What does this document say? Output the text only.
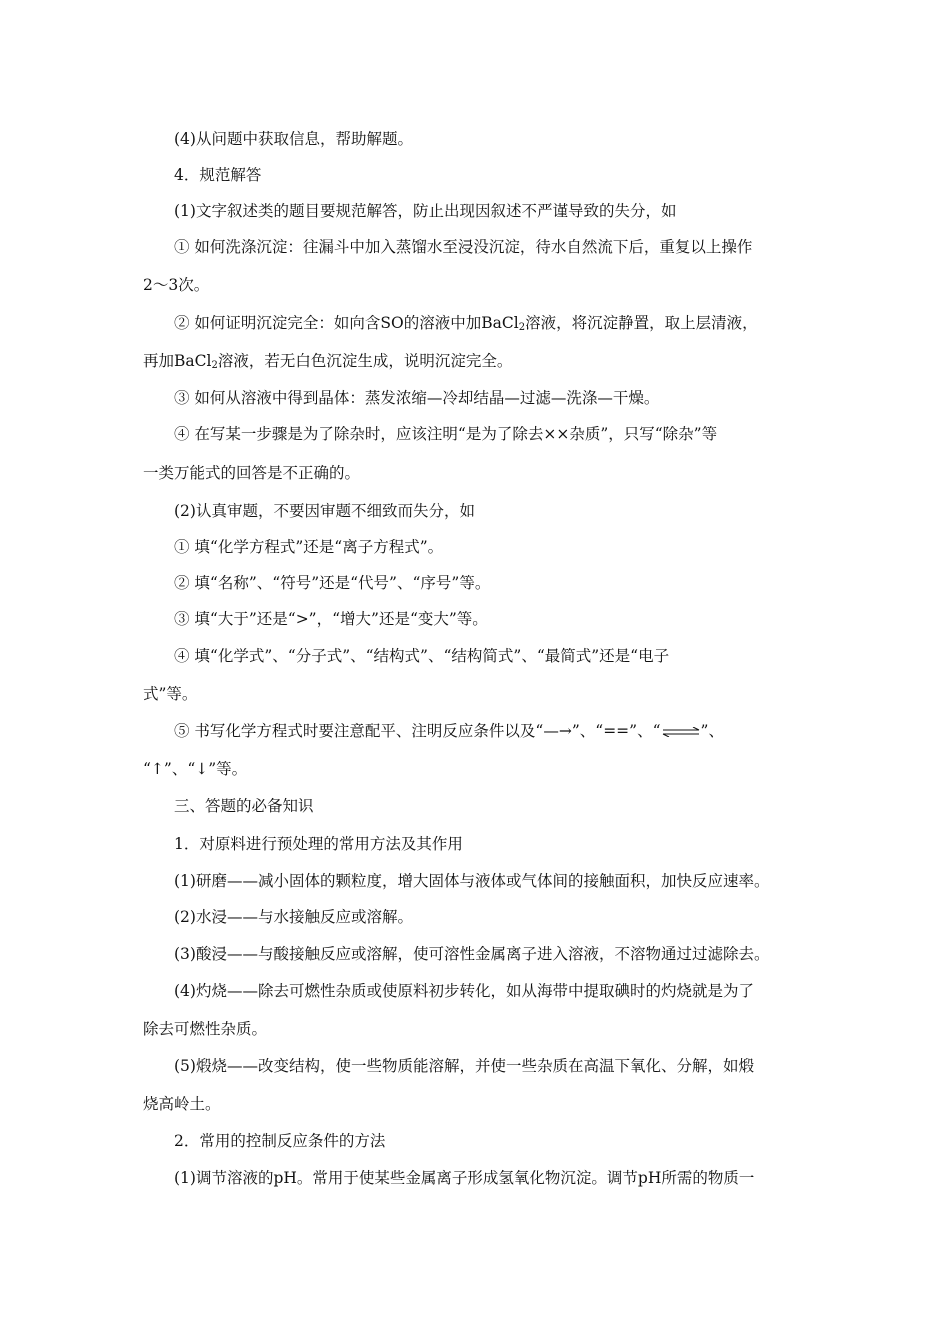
(4)从问题中获取信息，帮助解题。
4．规范解答
(1)文字叙述类的题目要规范解答，防止出现因叙述不严谨导致的失分，如
① 如何洗涤沉淀：往漏斗中加入蒸馏水至浸没沉淀，待水自然流下后，重复以上操作
2～3次。
② 如何证明沉淀完全：如向含SO的溶液中加BaCl$_2$溶液，将沉淀静置，取上层清液，
再加BaCl$_2$溶液，若无白色沉淀生成，说明沉淀完全。
③ 如何从溶液中得到晶体：蒸发浓缩—冷却结晶—过滤—洗涤—干燥。
④ 在写某一步骤是为了除杂时，应该注明“是为了除去××杂质”，只写“除杂”等
一类万能式的回答是不正确的。
(2)认真审题，不要因审题不细致而失分，如
① 填“化学方程式”还是“离子方程式”。
② 填“名称”、“符号”还是“代号”、“序号”等。
③ 填“大于”还是“>”，“增大”还是“变大”等。
④ 填“化学式”、“分子式”、“结构式”、“结构简式”、“最简式”还是“电子
式”等。
⑤ 书写化学方程式时要注意配平、注明反应条件以及“—→”、“==”、“⇌”、
“↑”、“↓”等。
三、答题的必备知识
1．对原料进行预处理的常用方法及其作用
(1)研磨——减小固体的颗粒度，增大固体与液体或气体间的接触面积，加快反应速率。
(2)水浸——与水接触反应或溶解。
(3)酸浸——与酸接触反应或溶解，使可溶性金属离子进入溶液，不溶物通过过滤除去。
(4)灼烧——除去可燃性杂质或使原料初步转化，如从海带中提取碘时的灼烧就是为了
除去可燃性杂质。
(5)煅烧——改变结构，使一些物质能溶解，并使一些杂质在高温下氧化、分解，如煅
烧高岭土。
2．常用的控制反应条件的方法
(1)调节溶液的pH。常用于使某些金属离子形成氢氧化物沉淀。调节pH所需的物质一
